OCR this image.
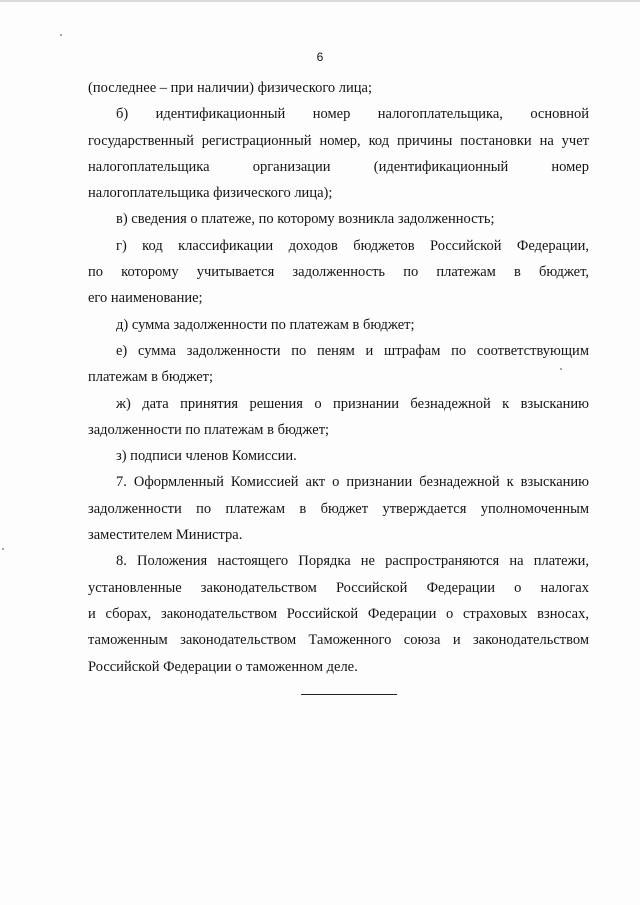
6
(последнее – при наличии) физического лица;
б) идентификационный номер налогоплательщика, основной
государственный регистрационный номер, код причины постановки на учет
налогоплательщика организации (идентификационный номер
налогоплательщика физического лица);
в) сведения о платеже, по которому возникла задолженность;
г) код классификации доходов бюджетов Российской Федерации,
по которому учитывается задолженность по платежам в бюджет,
его наименование;
д) сумма задолженности по платежам в бюджет;
е) сумма задолженности по пеням и штрафам по соответствующим
платежам в бюджет;
ж) дата принятия решения о признании безнадежной к взысканию
задолженности по платежам в бюджет;
з) подписи членов Комиссии.
7. Оформленный Комиссией акт о признании безнадежной к взысканию
задолженности по платежам в бюджет утверждается уполномоченным
заместителем Министра.
8. Положения настоящего Порядка не распространяются на платежи,
установленные законодательством Российской Федерации о налогах
и сборах, законодательством Российской Федерации о страховых взносах,
таможенным законодательством Таможенного союза и законодательством
Российской Федерации о таможенном деле.
